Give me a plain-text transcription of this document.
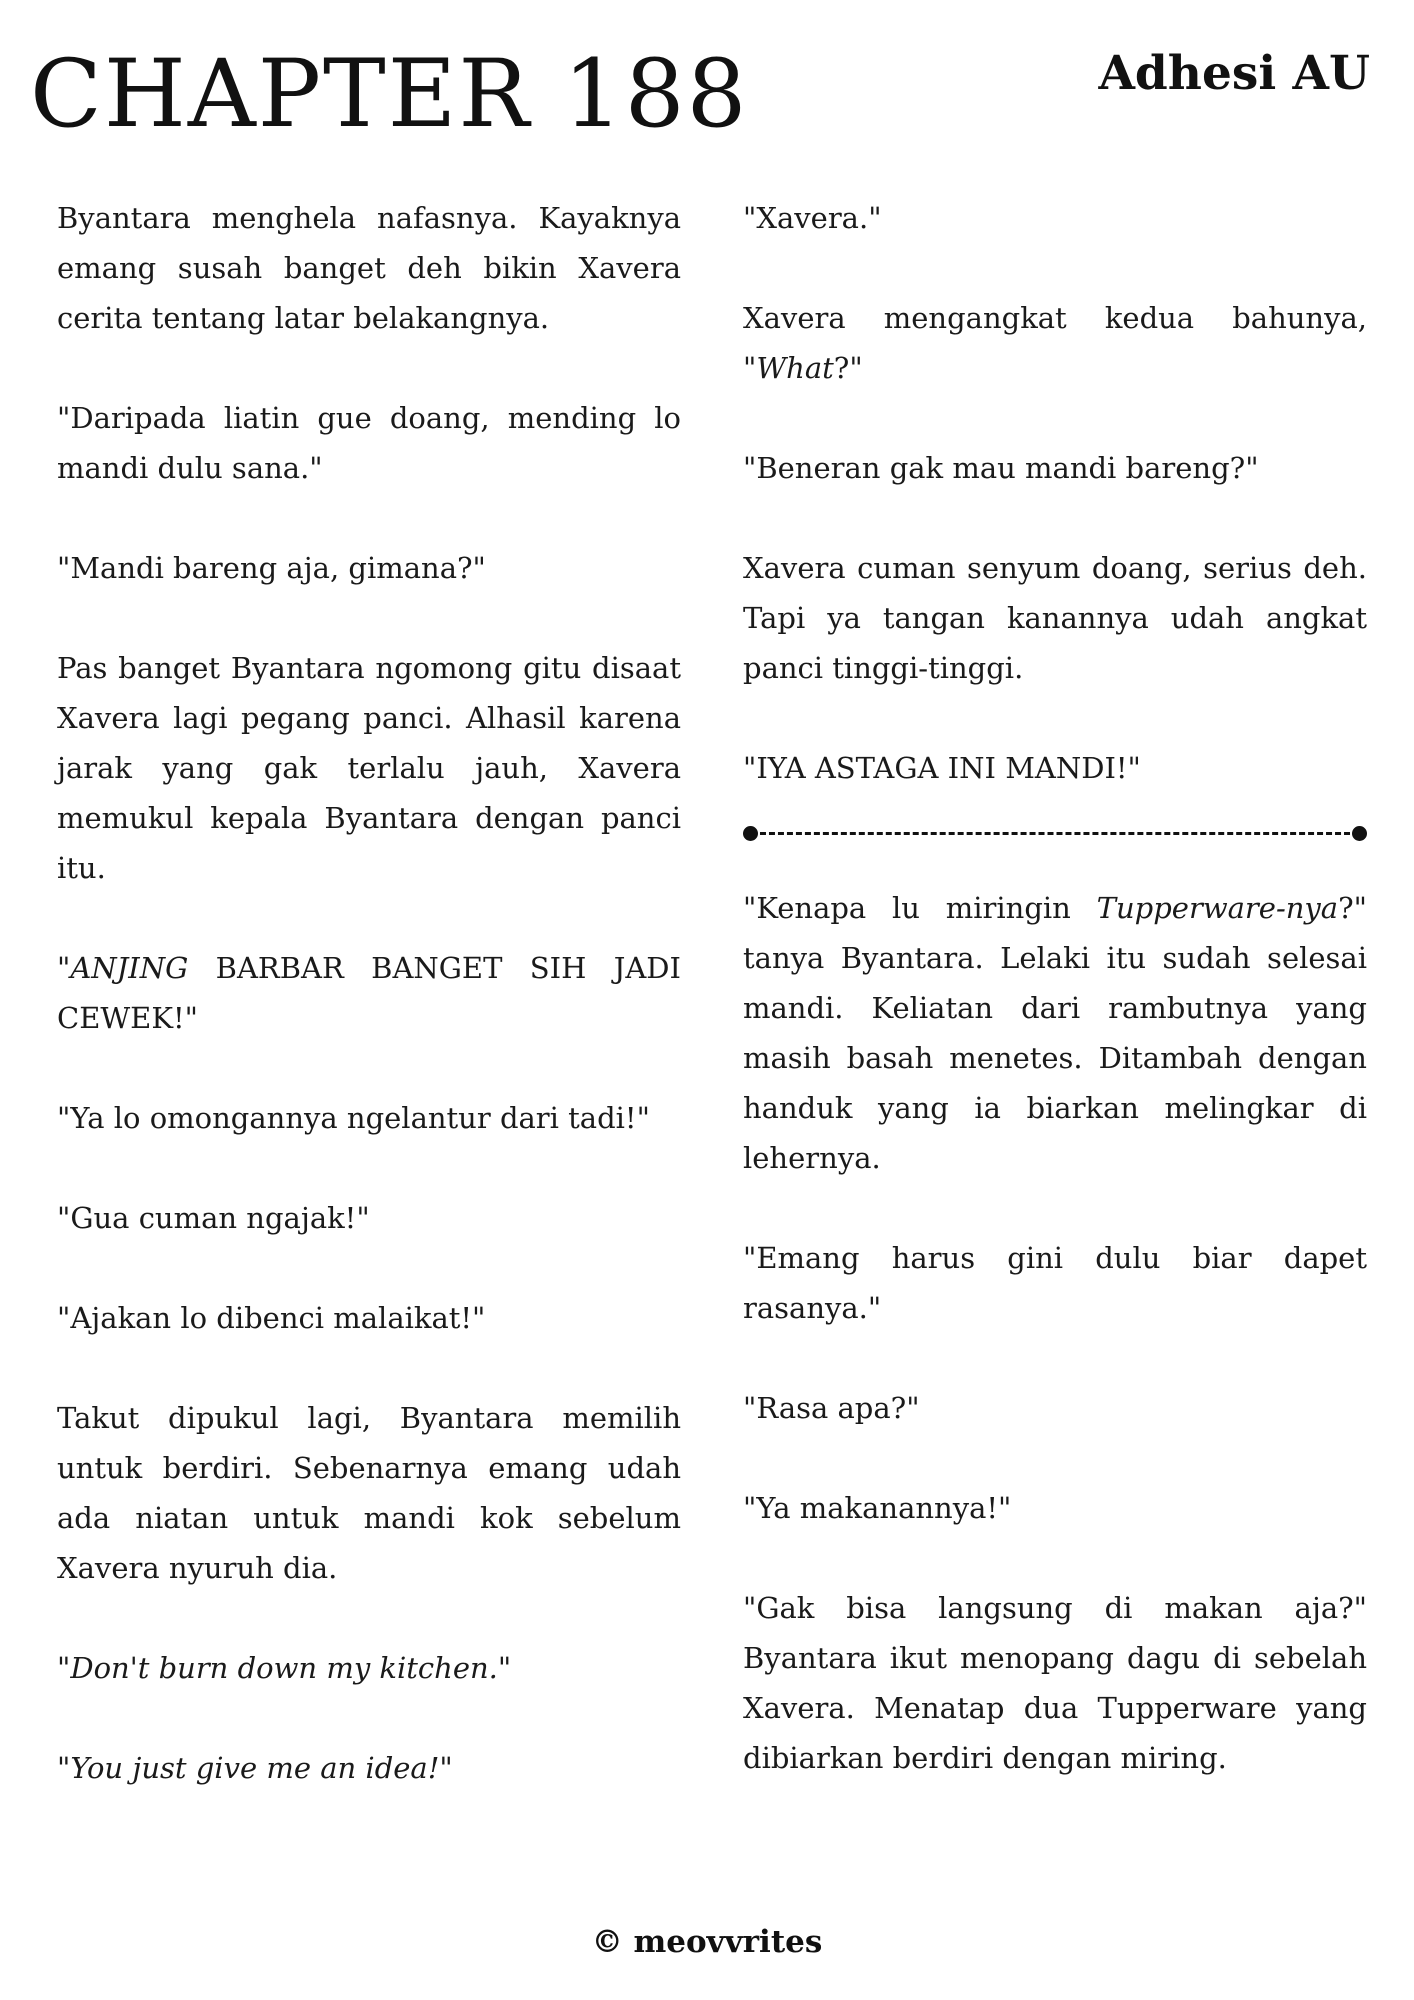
CHAPTER 188	Adhesi AU

Byantara menghela nafasnya. Kayaknya emang susah banget deh bikin Xavera cerita tentang latar belakangnya.

"Daripada liatin gue doang, mending lo mandi dulu sana."

"Mandi bareng aja, gimana?"

Pas banget Byantara ngomong gitu disaat Xavera lagi pegang panci. Alhasil karena jarak yang gak terlalu jauh, Xavera memukul kepala Byantara dengan panci itu.

"ANJING BARBAR BANGET SIH JADI CEWEK!"

"Ya lo omongannya ngelantur dari tadi!"

"Gua cuman ngajak!"

"Ajakan lo dibenci malaikat!"

Takut dipukul lagi, Byantara memilih untuk berdiri. Sebenarnya emang udah ada niatan untuk mandi kok sebelum Xavera nyuruh dia.

"Don't burn down my kitchen."

"You just give me an idea!"

"Xavera."

Xavera mengangkat kedua bahunya, "What?"

"Beneran gak mau mandi bareng?"

Xavera cuman senyum doang, serius deh. Tapi ya tangan kanannya udah angkat panci tinggi-tinggi.

"IYA ASTAGA INI MANDI!"

"Kenapa lu miringin Tupperware-nya?" tanya Byantara. Lelaki itu sudah selesai mandi. Keliatan dari rambutnya yang masih basah menetes. Ditambah dengan handuk yang ia biarkan melingkar di lehernya.

"Emang harus gini dulu biar dapet rasanya."

"Rasa apa?"

"Ya makanannya!"

"Gak bisa langsung di makan aja?" Byantara ikut menopang dagu di sebelah Xavera. Menatap dua Tupperware yang dibiarkan berdiri dengan miring.

© meovvrites
